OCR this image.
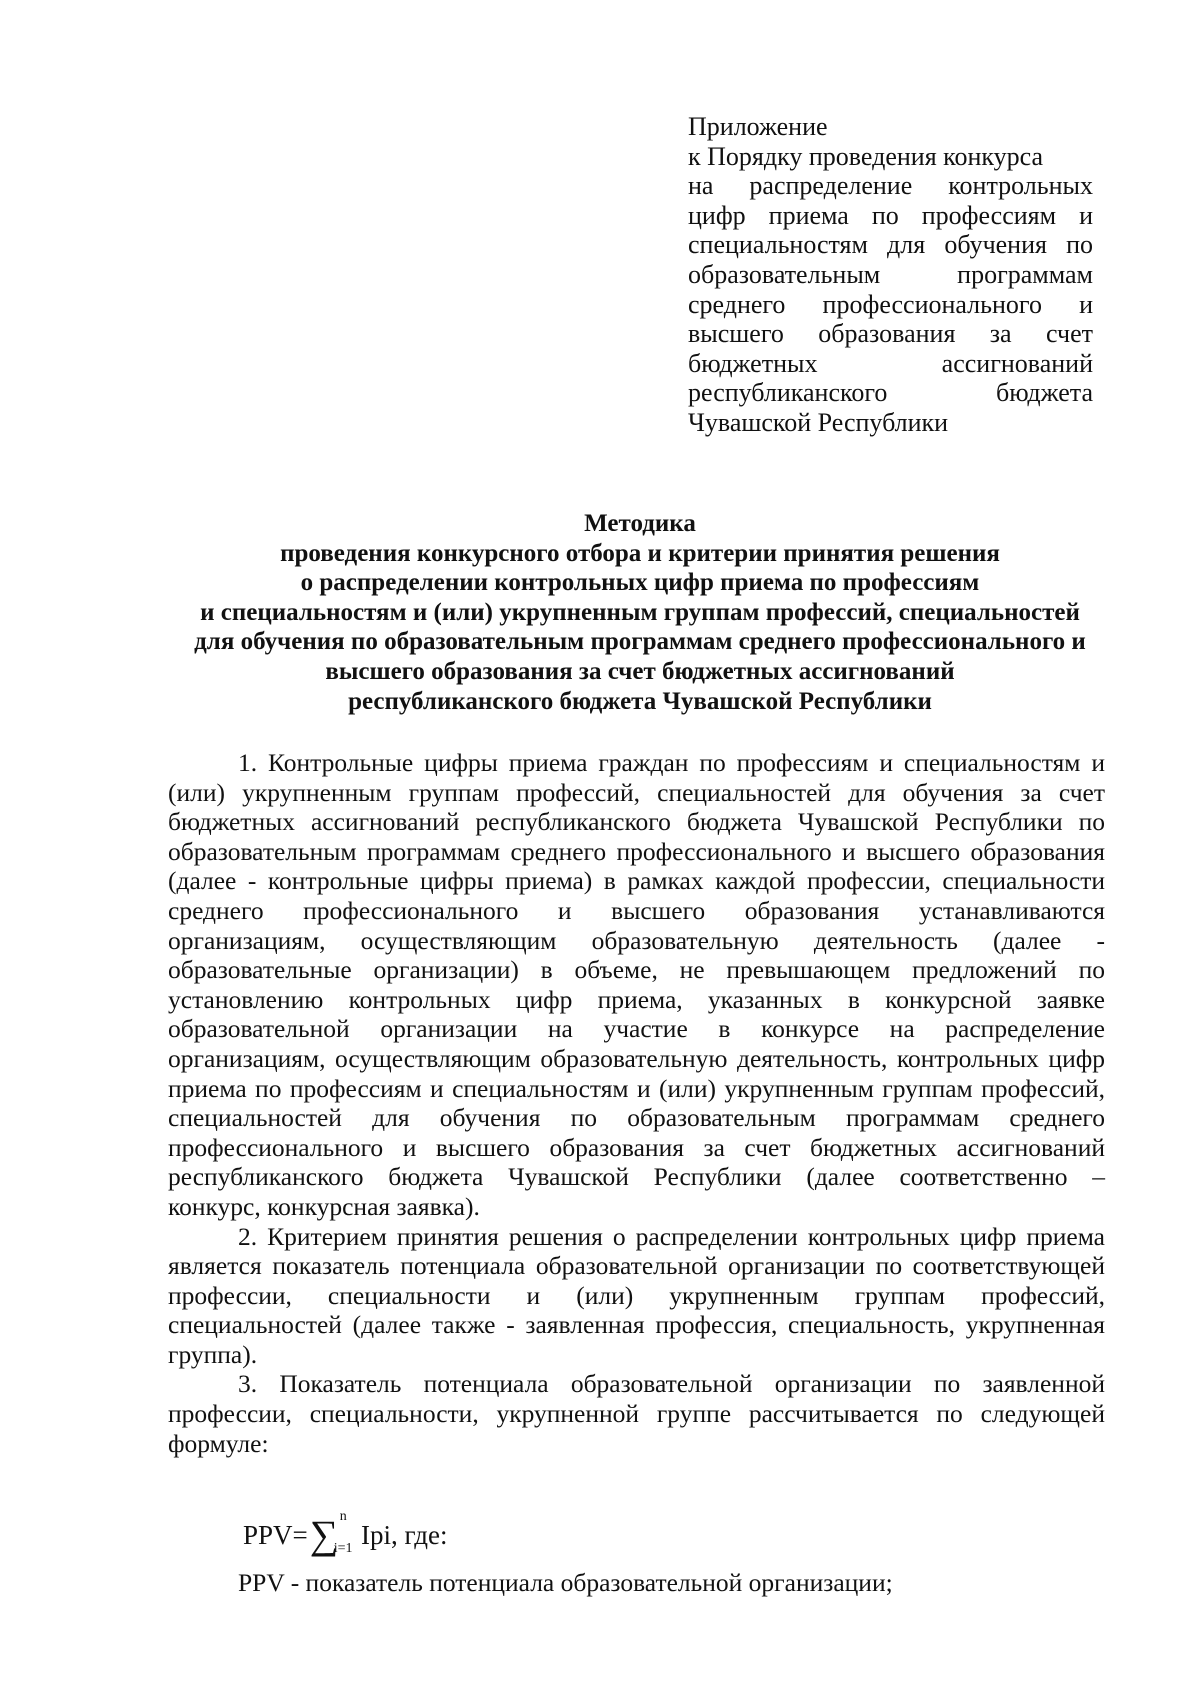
Приложение
к Порядку проведения конкурса
на распределение контрольных
цифр приема по профессиям и
специальностям для обучения по
образовательным программам
среднего профессионального и
высшего образования за счет
бюджетных ассигнований
республиканского бюджета
Чувашской Республики
Методика
проведения конкурсного отбора и критерии принятия решения
о распределении контрольных цифр приема по профессиям
и специальностям и (или) укрупненным группам профессий, специальностей
для обучения по образовательным программам среднего профессионального и
высшего образования за счет бюджетных ассигнований
республиканского бюджета Чувашской Республики
1. Контрольные цифры приема граждан по профессиям и специальностям и
(или) укрупненным группам профессий, специальностей для обучения за счет
бюджетных ассигнований республиканского бюджета Чувашской Республики по
образовательным программам среднего профессионального и высшего образования
(далее - контрольные цифры приема) в рамках каждой профессии, специальности
среднего профессионального и высшего образования устанавливаются
организациям, осуществляющим образовательную деятельность (далее -
образовательные организации) в объеме, не превышающем предложений по
установлению контрольных цифр приема, указанных в конкурсной заявке
образовательной организации на участие в конкурсе на распределение
организациям, осуществляющим образовательную деятельность, контрольных цифр
приема по профессиям и специальностям и (или) укрупненным группам профессий,
специальностей для обучения по образовательным программам среднего
профессионального и высшего образования за счет бюджетных ассигнований
республиканского бюджета Чувашской Республики (далее соответственно –
конкурс, конкурсная заявка).
2. Критерием принятия решения о распределении контрольных цифр приема
является показатель потенциала образовательной организации по соответствующей
профессии, специальности и (или) укрупненным группам профессий,
специальностей (далее также - заявленная профессия, специальность, укрупненная
группа).
3. Показатель потенциала образовательной организации по заявленной
профессии, специальности, укрупненной группе рассчитывается по следующей
формуле:
PPV=∑ n
i=1 Ipi, где:
PPV - показатель потенциала образовательной организации;
